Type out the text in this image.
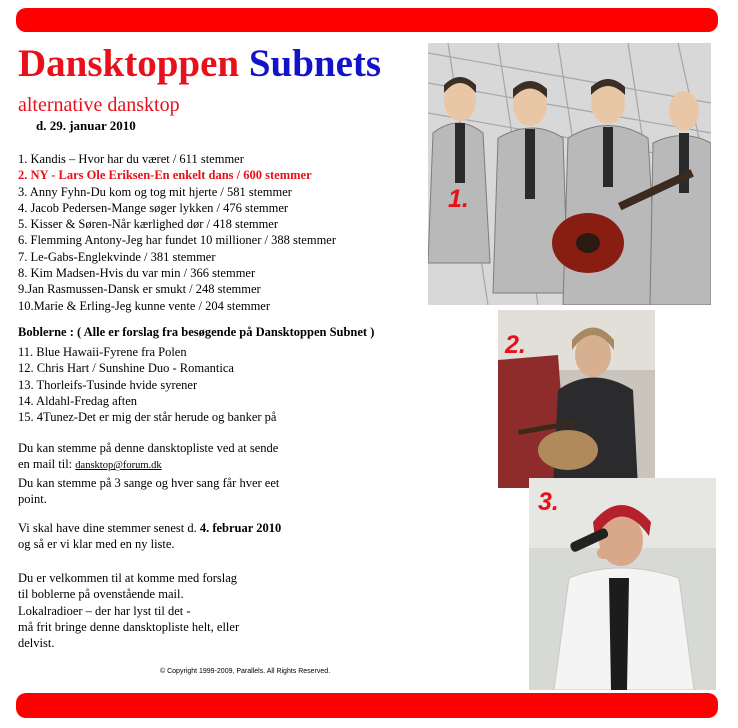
Dansktoppen Subnets
alternative dansktop
d. 29. januar 2010
1. Kandis – Hvor har du været / 611 stemmer
2. NY - Lars Ole Eriksen-En enkelt dans / 600 stemmer
3. Anny Fyhn-Du kom og tog mit hjerte / 581 stemmer
4. Jacob Pedersen-Mange søger lykken / 476 stemmer
5. Kisser & Søren-Når kærlighed dør / 418 stemmer
6. Flemming Antony-Jeg har fundet 10 millioner / 388 stemmer
7. Le-Gabs-Englekvinde / 381 stemmer
8. Kim Madsen-Hvis du var min / 366 stemmer
9.Jan Rasmussen-Dansk er smukt / 248 stemmer
10.Marie & Erling-Jeg kunne vente / 204 stemmer
Boblerne : ( Alle er forslag fra besøgende på Dansktoppen Subnet )
11. Blue Hawaii-Fyrene fra Polen
12. Chris Hart / Sunshine Duo - Romantica
13. Thorleifs-Tusinde hvide syrener
14. Aldahl-Fredag aften
15. 4Tunez-Det er mig der står herude og banker på
Du kan stemme på denne dansktopliste ved at sende
en mail til: dansktop@forum.dk
Du kan stemme på 3 sange og hver sang får hver eet
point.
Vi skal have dine stemmer senest d. 4. februar 2010
og så er vi klar med en ny liste.
Du er velkommen til at komme med forslag
til boblerne på ovenstående mail.
Lokalradioer – der har lyst til det -
må frit bringe denne dansktopliste helt, eller
delvist.
© Copyright 1999-2009, Parallels. All Rights Reserved.
1.
2.
3.
